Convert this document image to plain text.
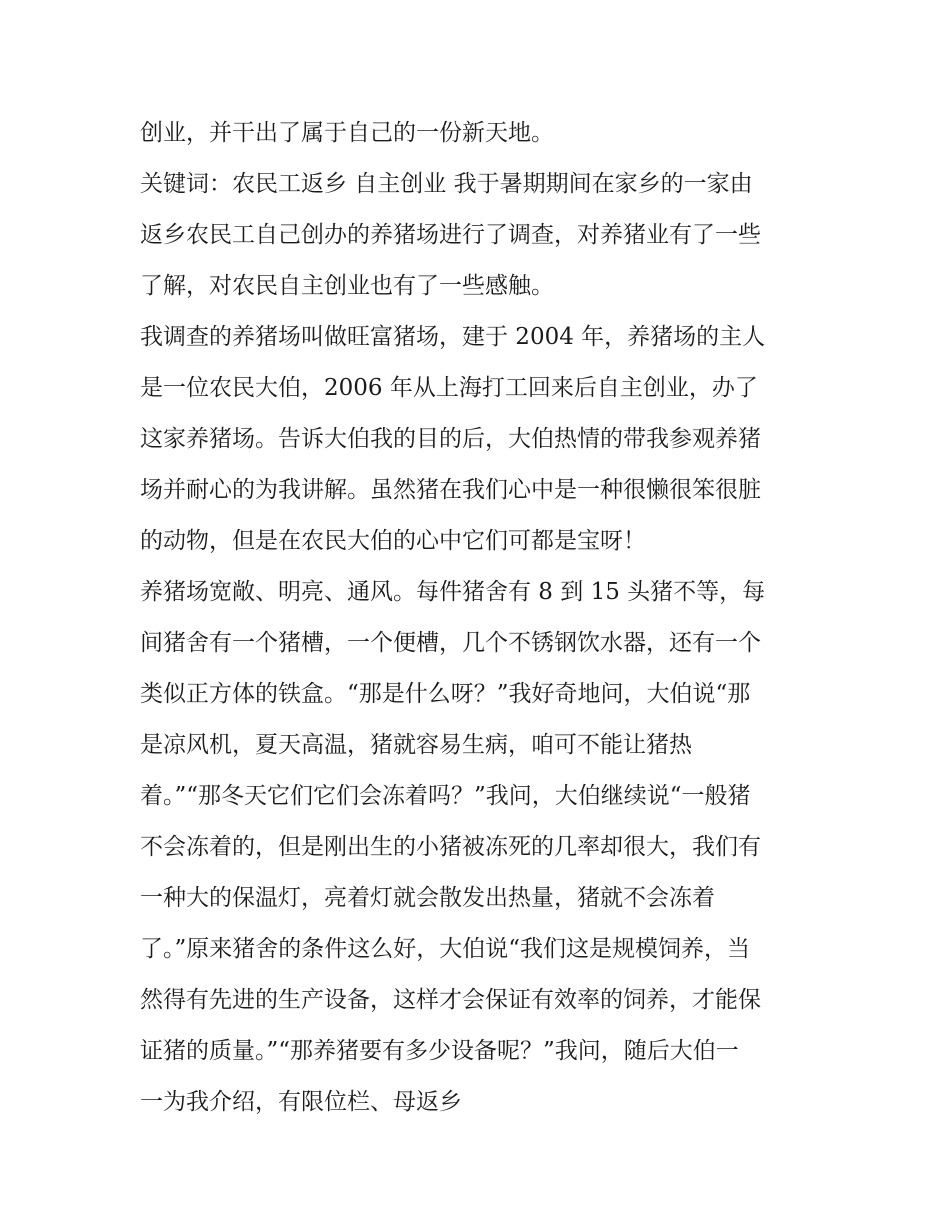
创业，并干出了属于自己的一份新天地。
关键词：农民工返乡 自主创业 我于暑期期间在家乡的一家由
返乡农民工自己创办的养猪场进行了调查，对养猪业有了一些
了解，对农民自主创业也有了一些感触。
我调查的养猪场叫做旺富猪场，建于 2004 年，养猪场的主人
是一位农民大伯，2006 年从上海打工回来后自主创业，办了
这家养猪场。告诉大伯我的目的后，大伯热情的带我参观养猪
场并耐心的为我讲解。虽然猪在我们心中是一种很懒很笨很脏
的动物，但是在农民大伯的心中它们可都是宝呀！
养猪场宽敞、明亮、通风。每件猪舍有 8 到 15 头猪不等，每
间猪舍有一个猪槽，一个便槽，几个不锈钢饮水器，还有一个
类似正方体的铁盒。“那是什么呀？”我好奇地问，大伯说“那
是凉风机，夏天高温，猪就容易生病，咱可不能让猪热
着。”“那冬天它们它们会冻着吗？”我问，大伯继续说“一般猪
不会冻着的，但是刚出生的小猪被冻死的几率却很大，我们有
一种大的保温灯，亮着灯就会散发出热量，猪就不会冻着
了。”原来猪舍的条件这么好，大伯说“我们这是规模饲养，当
然得有先进的生产设备，这样才会保证有效率的饲养，才能保
证猪的质量。”“那养猪要有多少设备呢？”我问，随后大伯一
一为我介绍，有限位栏、母返乡
